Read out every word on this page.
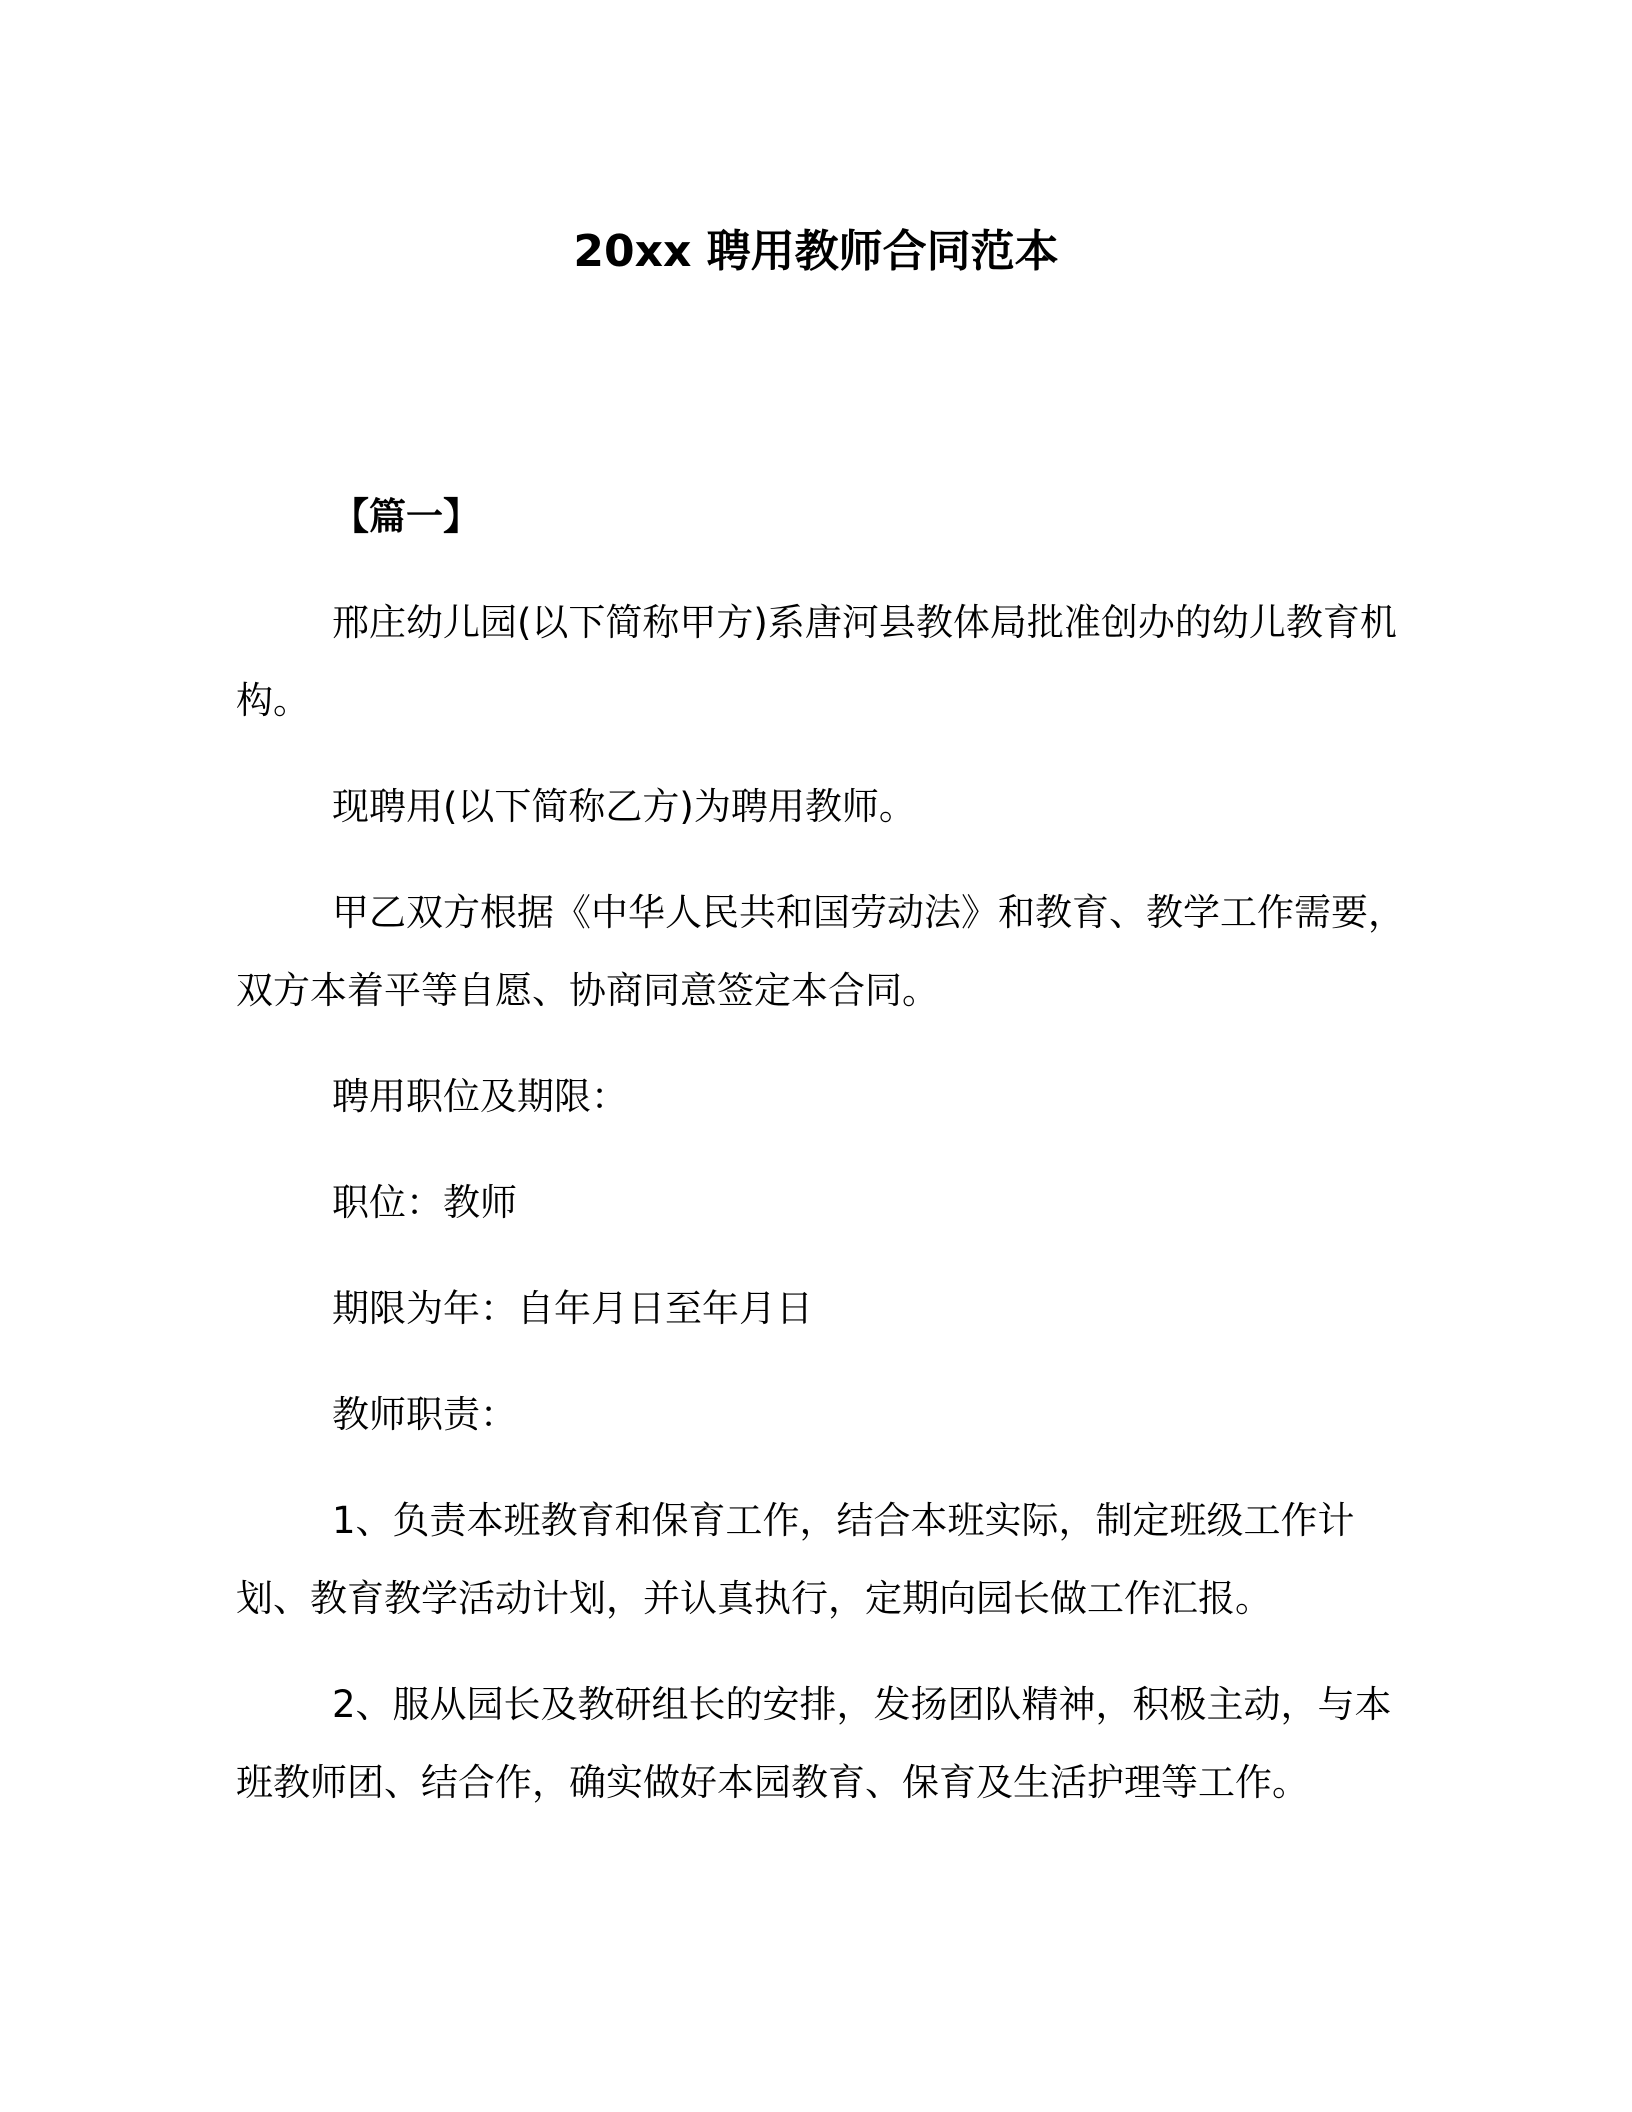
20xx 聘用教师合同范本

【篇一】

邢庄幼儿园(以下简称甲方)系唐河县教体局批准创办的幼儿教育机构。

现聘用(以下简称乙方)为聘用教师。

甲乙双方根据《中华人民共和国劳动法》和教育、教学工作需要，双方本着平等自愿、协商同意签定本合同。

聘用职位及期限：

职位：教师

期限为年：自年月日至年月日

教师职责：

1、负责本班教育和保育工作，结合本班实际，制定班级工作计划、教育教学活动计划，并认真执行，定期向园长做工作汇报。

2、服从园长及教研组长的安排，发扬团队精神，积极主动，与本班教师团、结合作，确实做好本园教育、保育及生活护理等工作。
